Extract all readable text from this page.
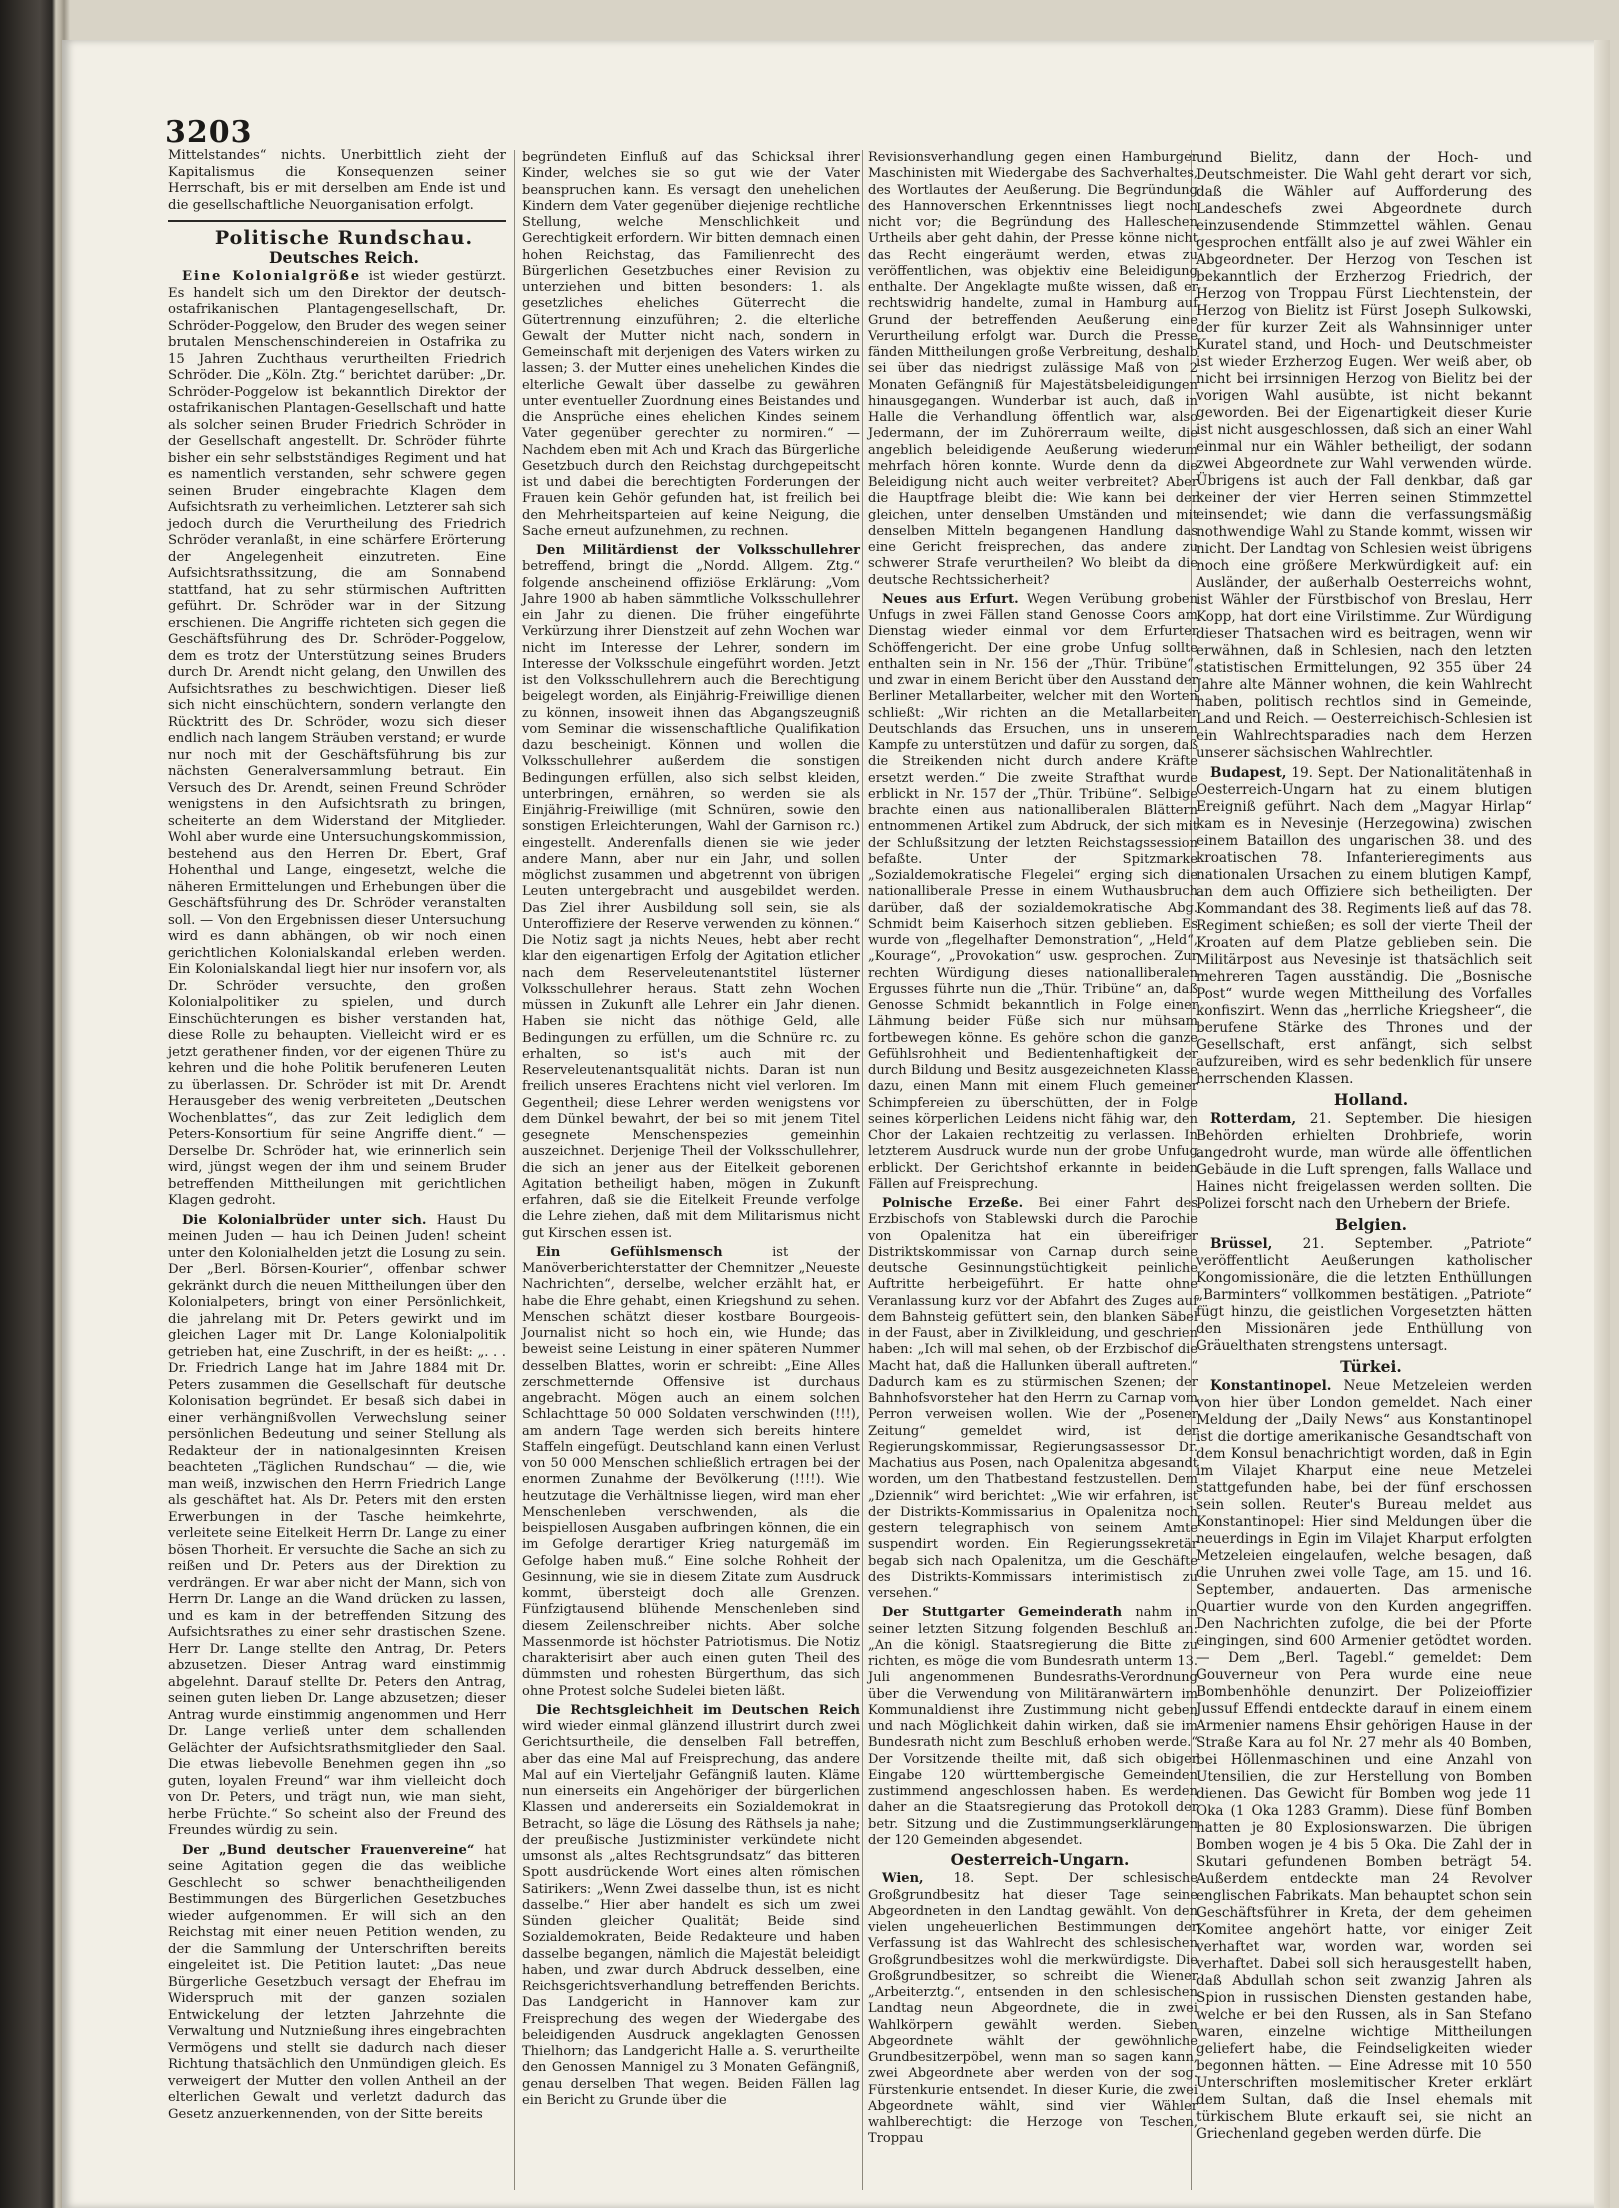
3203

Mittelstandes“ nichts. Unerbittlich zieht der Kapitalismus die Konsequenzen seiner Herrschaft, bis er mit derselben am Ende ist und die gesellschaftliche Neuorganisation erfolgt.

Politische Rundschau.

Deutsches Reich.

Eine Kolonialgröße ist wieder gestürzt. Es handelt sich um den Direktor der deutsch-ostafrikanischen Plantagengesellschaft, Dr. Schröder-Poggelow, den Bruder des wegen seiner brutalen Menschenschindereien in Ostafrika zu 15 Jahren Zuchthaus verurtheilten Friedrich Schröder. Die „Köln. Ztg.“ berichtet darüber: „Dr. Schröder-Poggelow ist bekanntlich Direktor der ostafrikanischen Plantagen-Gesellschaft und hatte als solcher seinen Bruder Friedrich Schröder in der Gesellschaft angestellt. Dr. Schröder führte bisher ein sehr selbstständiges Regiment und hat es namentlich verstanden, sehr schwere gegen seinen Bruder eingebrachte Klagen dem Aufsichtsrath zu verheimlichen. Letzterer sah sich jedoch durch die Verurtheilung des Friedrich Schröder veranlaßt, in eine schärfere Erörterung der Angelegenheit einzutreten. Eine Aufsichtsrathssitzung, die am Sonnabend stattfand, hat zu sehr stürmischen Auftritten geführt. Dr. Schröder war in der Sitzung erschienen. Die Angriffe richteten sich gegen die Geschäftsführung des Dr. Schröder-Poggelow, dem es trotz der Unterstützung seines Bruders durch Dr. Arendt nicht gelang, den Unwillen des Aufsichtsrathes zu beschwichtigen. Dieser ließ sich nicht einschüchtern, sondern verlangte den Rücktritt des Dr. Schröder, wozu sich dieser endlich nach langem Sträuben verstand; er wurde nur noch mit der Geschäftsführung bis zur nächsten Generalversammlung betraut. Ein Versuch des Dr. Arendt, seinen Freund Schröder wenigstens in den Aufsichtsrath zu bringen, scheiterte an dem Widerstand der Mitglieder. Wohl aber wurde eine Untersuchungskommission, bestehend aus den Herren Dr. Ebert, Graf Hohenthal und Lange, eingesetzt, welche die näheren Ermittelungen und Erhebungen über die Geschäftsführung des Dr. Schröder veranstalten soll. — Von den Ergebnissen dieser Untersuchung wird es dann abhängen, ob wir noch einen gerichtlichen Kolonialskandal erleben werden. Ein Kolonialskandal liegt hier nur insofern vor, als Dr. Schröder versuchte, den großen Kolonialpolitiker zu spielen, und durch Einschüchterungen es bisher verstanden hat, diese Rolle zu behaupten. Vielleicht wird er es jetzt gerathener finden, vor der eigenen Thüre zu kehren und die hohe Politik berufeneren Leuten zu überlassen. Dr. Schröder ist mit Dr. Arendt Herausgeber des wenig verbreiteten „Deutschen Wochenblattes“, das zur Zeit lediglich dem Peters-Konsortium für seine Angriffe dient.“ — Derselbe Dr. Schröder hat, wie erinnerlich sein wird, jüngst wegen der ihm und seinem Bruder betreffenden Mittheilungen mit gerichtlichen Klagen gedroht.

Die Kolonialbrüder unter sich. Haust Du meinen Juden — hau ich Deinen Juden! scheint unter den Kolonialhelden jetzt die Losung zu sein. Der „Berl. Börsen-Kourier“, offenbar schwer gekränkt durch die neuen Mittheilungen über den Kolonialpeters, bringt von einer Persönlichkeit, die jahrelang mit Dr. Peters gewirkt und im gleichen Lager mit Dr. Lange Kolonialpolitik getrieben hat, eine Zuschrift, in der es heißt: „. . . Dr. Friedrich Lange hat im Jahre 1884 mit Dr. Peters zusammen die Gesellschaft für deutsche Kolonisation begründet. Er besaß sich dabei in einer verhängnißvollen Verwechslung seiner persönlichen Bedeutung und seiner Stellung als Redakteur der in nationalgesinnten Kreisen beachteten „Täglichen Rundschau“ — die, wie man weiß, inzwischen den Herrn Friedrich Lange als geschäftet hat. Als Dr. Peters mit den ersten Erwerbungen in der Tasche heimkehrte, verleitete seine Eitelkeit Herrn Dr. Lange zu einer bösen Thorheit. Er versuchte die Sache an sich zu reißen und Dr. Peters aus der Direktion zu verdrängen. Er war aber nicht der Mann, sich von Herrn Dr. Lange an die Wand drücken zu lassen, und es kam in der betreffenden Sitzung des Aufsichtsrathes zu einer sehr drastischen Szene. Herr Dr. Lange stellte den Antrag, Dr. Peters abzusetzen. Dieser Antrag ward einstimmig abgelehnt. Darauf stellte Dr. Peters den Antrag, seinen guten lieben Dr. Lange abzusetzen; dieser Antrag wurde einstimmig angenommen und Herr Dr. Lange verließ unter dem schallenden Gelächter der Aufsichtsrathsmitglieder den Saal. Die etwas liebevolle Benehmen gegen ihn „so guten, loyalen Freund“ war ihm vielleicht doch von Dr. Peters, und trägt nun, wie man sieht, herbe Früchte.“ So scheint also der Freund des Freundes würdig zu sein.

Der „Bund deutscher Frauenvereine“ hat seine Agitation gegen die das weibliche Geschlecht so schwer benachtheiligenden Bestimmungen des Bürgerlichen Gesetzbuches wieder aufgenommen. Er will sich an den Reichstag mit einer neuen Petition wenden, zu der die Sammlung der Unterschriften bereits eingeleitet ist. Die Petition lautet: „Das neue Bürgerliche Gesetzbuch versagt der Ehefrau im Widerspruch mit der ganzen sozialen Entwickelung der letzten Jahrzehnte die Verwaltung und Nutznießung ihres eingebrachten Vermögens und stellt sie dadurch nach dieser Richtung thatsächlich den Unmündigen gleich. Es verweigert der Mutter den vollen Antheil an der elterlichen Gewalt und verletzt dadurch das Gesetz anzuerkennenden, von der Sitte bereits

begründeten Einfluß auf das Schicksal ihrer Kinder, welches sie so gut wie der Vater beanspruchen kann. Es versagt den unehelichen Kindern dem Vater gegenüber diejenige rechtliche Stellung, welche Menschlichkeit und Gerechtigkeit erfordern. Wir bitten demnach einen hohen Reichstag, das Familienrecht des Bürgerlichen Gesetzbuches einer Revision zu unterziehen und bitten besonders: 1. als gesetzliches eheliches Güterrecht die Gütertrennung einzuführen; 2. die elterliche Gewalt der Mutter nicht nach, sondern in Gemeinschaft mit derjenigen des Vaters wirken zu lassen; 3. der Mutter eines unehelichen Kindes die elterliche Gewalt über dasselbe zu gewähren unter eventueller Zuordnung eines Beistandes und die Ansprüche eines ehelichen Kindes seinem Vater gegenüber gerechter zu normiren.“ — Nachdem eben mit Ach und Krach das Bürgerliche Gesetzbuch durch den Reichstag durchgepeitscht ist und dabei die berechtigten Forderungen der Frauen kein Gehör gefunden hat, ist freilich bei den Mehrheitsparteien auf keine Neigung, die Sache erneut aufzunehmen, zu rechnen.

Den Militärdienst der Volksschullehrer betreffend, bringt die „Nordd. Allgem. Ztg.“ folgende anscheinend offiziöse Erklärung: „Vom Jahre 1900 ab haben sämmtliche Volksschullehrer ein Jahr zu dienen. Die früher eingeführte Verkürzung ihrer Dienstzeit auf zehn Wochen war nicht im Interesse der Lehrer, sondern im Interesse der Volksschule eingeführt worden. Jetzt ist den Volksschullehrern auch die Berechtigung beigelegt worden, als Einjährig-Freiwillige dienen zu können, insoweit ihnen das Abgangszeugniß vom Seminar die wissenschaftliche Qualifikation dazu bescheinigt. Können und wollen die Volksschullehrer außerdem die sonstigen Bedingungen erfüllen, also sich selbst kleiden, unterbringen, ernähren, so werden sie als Einjährig-Freiwillige (mit Schnüren, sowie den sonstigen Erleichterungen, Wahl der Garnison rc.) eingestellt. Anderenfalls dienen sie wie jeder andere Mann, aber nur ein Jahr, und sollen möglichst zusammen und abgetrennt von übrigen Leuten untergebracht und ausgebildet werden. Das Ziel ihrer Ausbildung soll sein, sie als Unteroffiziere der Reserve verwenden zu können.“ Die Notiz sagt ja nichts Neues, hebt aber recht klar den eigenartigen Erfolg der Agitation etlicher nach dem Reserveleutenantstitel lüsterner Volksschullehrer heraus. Statt zehn Wochen müssen in Zukunft alle Lehrer ein Jahr dienen. Haben sie nicht das nöthige Geld, alle Bedingungen zu erfüllen, um die Schnüre rc. zu erhalten, so ist's auch mit der Reserveleutenantsqualität nichts. Daran ist nun freilich unseres Erachtens nicht viel verloren. Im Gegentheil; diese Lehrer werden wenigstens vor dem Dünkel bewahrt, der bei so mit jenem Titel gesegnete Menschenspezies gemeinhin auszeichnet. Derjenige Theil der Volksschullehrer, die sich an jener aus der Eitelkeit geborenen Agitation betheiligt haben, mögen in Zukunft erfahren, daß sie die Eitelkeit Freunde verfolge die Lehre ziehen, daß mit dem Militarismus nicht gut Kirschen essen ist.

Ein Gefühlsmensch ist der Manöverberichterstatter der Chemnitzer „Neueste Nachrichten“, derselbe, welcher erzählt hat, er habe die Ehre gehabt, einen Kriegshund zu sehen. Menschen schätzt dieser kostbare Bourgeois-Journalist nicht so hoch ein, wie Hunde; das beweist seine Leistung in einer späteren Nummer desselben Blattes, worin er schreibt: „Eine Alles zerschmetternde Offensive ist durchaus angebracht. Mögen auch an einem solchen Schlachttage 50 000 Soldaten verschwinden (!!!), am andern Tage werden sich bereits hintere Staffeln eingefügt. Deutschland kann einen Verlust von 50 000 Menschen schließlich ertragen bei der enormen Zunahme der Bevölkerung (!!!!). Wie heutzutage die Verhältnisse liegen, wird man eher Menschenleben verschwenden, als die beispiellosen Ausgaben aufbringen können, die ein im Gefolge derartiger Krieg naturgemäß im Gefolge haben muß.“ Eine solche Rohheit der Gesinnung, wie sie in diesem Zitate zum Ausdruck kommt, übersteigt doch alle Grenzen. Fünfzigtausend blühende Menschenleben sind diesem Zeilenschreiber nichts. Aber solche Massenmorde ist höchster Patriotismus. Die Notiz charakterisirt aber auch einen guten Theil des dümmsten und rohesten Bürgerthum, das sich ohne Protest solche Sudelei bieten läßt.

Die Rechtsgleichheit im Deutschen Reich wird wieder einmal glänzend illustrirt durch zwei Gerichtsurtheile, die denselben Fall betreffen, aber das eine Mal auf Freisprechung, das andere Mal auf ein Vierteljahr Gefängniß lauten. Kläme nun einerseits ein Angehöriger der bürgerlichen Klassen und andererseits ein Sozialdemokrat in Betracht, so läge die Lösung des Räthsels ja nahe; der preußische Justizminister verkündete nicht umsonst als „altes Rechtsgrundsatz“ das bitteren Spott ausdrückende Wort eines alten römischen Satirikers: „Wenn Zwei dasselbe thun, ist es nicht dasselbe.“ Hier aber handelt es sich um zwei Sünden gleicher Qualität; Beide sind Sozialdemokraten, Beide Redakteure und haben dasselbe begangen, nämlich die Majestät beleidigt haben, und zwar durch Abdruck desselben, eine Reichsgerichtsverhandlung betreffenden Berichts. Das Landgericht in Hannover kam zur Freisprechung des wegen der Wiedergabe des beleidigenden Ausdruck angeklagten Genossen Thielhorn; das Landgericht Halle a. S. verurtheilte den Genossen Mannigel zu 3 Monaten Gefängniß, genau derselben That wegen. Beiden Fällen lag ein Bericht zu Grunde über die

Revisionsverhandlung gegen einen Hamburger Maschinisten mit Wiedergabe des Sachverhaltes, des Wortlautes der Aeußerung. Die Begründung des Hannoverschen Erkenntnisses liegt noch nicht vor; die Begründung des Halleschen Urtheils aber geht dahin, der Presse könne nicht das Recht eingeräumt werden, etwas zu veröffentlichen, was objektiv eine Beleidigung enthalte. Der Angeklagte mußte wissen, daß er rechtswidrig handelte, zumal in Hamburg auf Grund der betreffenden Aeußerung eine Verurtheilung erfolgt war. Durch die Presse fänden Mittheilungen große Verbreitung, deshalb sei über das niedrigst zulässige Maß von 2 Monaten Gefängniß für Majestätsbeleidigungen hinausgegangen. Wunderbar ist auch, daß in Halle die Verhandlung öffentlich war, also Jedermann, der im Zuhörerraum weilte, die angeblich beleidigende Aeußerung wiederum mehrfach hören konnte. Wurde denn da die Beleidigung nicht auch weiter verbreitet? Aber die Hauptfrage bleibt die: Wie kann bei der gleichen, unter denselben Umständen und mit denselben Mitteln begangenen Handlung das eine Gericht freisprechen, das andere zu schwerer Strafe verurtheilen? Wo bleibt da die deutsche Rechtssicherheit?

Neues aus Erfurt. Wegen Verübung groben Unfugs in zwei Fällen stand Genosse Coors am Dienstag wieder einmal vor dem Erfurter Schöffengericht. Der eine grobe Unfug sollte enthalten sein in Nr. 156 der „Thür. Tribüne“, und zwar in einem Bericht über den Ausstand der Berliner Metallarbeiter, welcher mit den Worten schließt: „Wir richten an die Metallarbeiter Deutschlands das Ersuchen, uns in unserem Kampfe zu unterstützen und dafür zu sorgen, daß die Streikenden nicht durch andere Kräfte ersetzt werden.“ Die zweite Strafthat wurde erblickt in Nr. 157 der „Thür. Tribüne“. Selbige brachte einen aus nationalliberalen Blättern entnommenen Artikel zum Abdruck, der sich mit der Schlußsitzung der letzten Reichstagssession befaßte. Unter der Spitzmarke „Sozialdemokratische Flegelei“ erging sich die nationalliberale Presse in einem Wuthausbruch darüber, daß der sozialdemokratische Abg. Schmidt beim Kaiserhoch sitzen geblieben. Es wurde von „flegelhafter Demonstration“, „Held“, „Kourage“, „Provokation“ usw. gesprochen. Zur rechten Würdigung dieses nationalliberalen Ergusses führte nun die „Thür. Tribüne“ an, daß Genosse Schmidt bekanntlich in Folge einer Lähmung beider Füße sich nur mühsam fortbewegen könne. Es gehöre schon die ganze Gefühlsrohheit und Bedientenhaftigkeit der durch Bildung und Besitz ausgezeichneten Klasse dazu, einen Mann mit einem Fluch gemeiner Schimpfereien zu überschütten, der in Folge seines körperlichen Leidens nicht fähig war, den Chor der Lakaien rechtzeitig zu verlassen. In letzterem Ausdruck wurde nun der grobe Unfug erblickt. Der Gerichtshof erkannte in beiden Fällen auf Freisprechung.

Polnische Erzeße. Bei einer Fahrt des Erzbischofs von Stablewski durch die Parochie von Opalenitza hat ein übereifriger Distriktskommissar von Carnap durch seine deutsche Gesinnungstüchtigkeit peinliche Auftritte herbeigeführt. Er hatte ohne Veranlassung kurz vor der Abfahrt des Zuges auf dem Bahnsteig gefüttert sein, den blanken Säbel in der Faust, aber in Zivilkleidung, und geschrien haben: „Ich will mal sehen, ob der Erzbischof die Macht hat, daß die Hallunken überall auftreten.“ Dadurch kam es zu stürmischen Szenen; der Bahnhofsvorsteher hat den Herrn zu Carnap vom Perron verweisen wollen. Wie der „Posener Zeitung“ gemeldet wird, ist der Regierungskommissar, Regierungsassessor Dr. Machatius aus Posen, nach Opalenitza abgesandt worden, um den Thatbestand festzustellen. Dem „Dziennik“ wird berichtet: „Wie wir erfahren, ist der Distrikts-Kommissarius in Opalenitza noch gestern telegraphisch von seinem Amte suspendirt worden. Ein Regierungssekretär begab sich nach Opalenitza, um die Geschäfte des Distrikts-Kommissars interimistisch zu versehen.“

Der Stuttgarter Gemeinderath nahm in seiner letzten Sitzung folgenden Beschluß an: „An die königl. Staatsregierung die Bitte zu richten, es möge die vom Bundesrath unterm 13. Juli angenommenen Bundesraths-Verordnung über die Verwendung von Militäranwärtern im Kommunaldienst ihre Zustimmung nicht geben und nach Möglichkeit dahin wirken, daß sie im Bundesrath nicht zum Beschluß erhoben werde.“ Der Vorsitzende theilte mit, daß sich obiger Eingabe 120 württembergische Gemeinden zustimmend angeschlossen haben. Es werden daher an die Staatsregierung das Protokoll der betr. Sitzung und die Zustimmungserklärungen der 120 Gemeinden abgesendet.

Oesterreich-Ungarn.

Wien, 18. Sept. Der schlesische Großgrundbesitz hat dieser Tage seine Abgeordneten in den Landtag gewählt. Von den vielen ungeheuerlichen Bestimmungen der Verfassung ist das Wahlrecht des schlesischen Großgrundbesitzes wohl die merkwürdigste. Die Großgrundbesitzer, so schreibt die Wiener „Arbeiterztg.“, entsenden in den schlesischen Landtag neun Abgeordnete, die in zwei Wahlkörpern gewählt werden. Sieben Abgeordnete wählt der gewöhnliche Grundbesitzerpöbel, wenn man so sagen kann, zwei Abgeordnete aber werden von der sog. Fürstenkurie entsendet. In dieser Kurie, die zwei Abgeordnete wählt, sind vier Wähler wahlberechtigt: die Herzoge von Teschen, Troppau

und Bielitz, dann der Hoch- und Deutschmeister. Die Wahl geht derart vor sich, daß die Wähler auf Aufforderung des Landeschefs zwei Abgeordnete durch einzusendende Stimmzettel wählen. Genau gesprochen entfällt also je auf zwei Wähler ein Abgeordneter. Der Herzog von Teschen ist bekanntlich der Erzherzog Friedrich, der Herzog von Troppau Fürst Liechtenstein, der Herzog von Bielitz ist Fürst Joseph Sulkowski, der für kurzer Zeit als Wahnsinniger unter Kuratel stand, und Hoch- und Deutschmeister ist wieder Erzherzog Eugen. Wer weiß aber, ob nicht bei irrsinnigen Herzog von Bielitz bei der vorigen Wahl ausübte, ist nicht bekannt geworden. Bei der Eigenartigkeit dieser Kurie ist nicht ausgeschlossen, daß sich an einer Wahl einmal nur ein Wähler betheiligt, der sodann zwei Abgeordnete zur Wahl verwenden würde. Übrigens ist auch der Fall denkbar, daß gar keiner der vier Herren seinen Stimmzettel einsendet; wie dann die verfassungsmäßig nothwendige Wahl zu Stande kommt, wissen wir nicht. Der Landtag von Schlesien weist übrigens noch eine größere Merkwürdigkeit auf: ein Ausländer, der außerhalb Oesterreichs wohnt, ist Wähler der Fürstbischof von Breslau, Herr Kopp, hat dort eine Virilstimme. Zur Würdigung dieser Thatsachen wird es beitragen, wenn wir erwähnen, daß in Schlesien, nach den letzten statistischen Ermittelungen, 92 355 über 24 Jahre alte Männer wohnen, die kein Wahlrecht haben, politisch rechtlos sind in Gemeinde, Land und Reich. — Oesterreichisch-Schlesien ist ein Wahlrechtsparadies nach dem Herzen unserer sächsischen Wahlrechtler.

Budapest, 19. Sept. Der Nationalitätenhaß in Oesterreich-Ungarn hat zu einem blutigen Ereigniß geführt. Nach dem „Magyar Hirlap“ kam es in Nevesinje (Herzegowina) zwischen einem Bataillon des ungarischen 38. und des kroatischen 78. Infanterieregiments aus nationalen Ursachen zu einem blutigen Kampf, an dem auch Offiziere sich betheiligten. Der Kommandant des 38. Regiments ließ auf das 78. Regiment schießen; es soll der vierte Theil der Kroaten auf dem Platze geblieben sein. Die Militärpost aus Nevesinje ist thatsächlich seit mehreren Tagen ausständig. Die „Bosnische Post“ wurde wegen Mittheilung des Vorfalles konfiszirt. Wenn das „herrliche Kriegsheer“, die berufene Stärke des Thrones und der Gesellschaft, erst anfängt, sich selbst aufzureiben, wird es sehr bedenklich für unsere herrschenden Klassen.

Holland.

Rotterdam, 21. September. Die hiesigen Behörden erhielten Drohbriefe, worin angedroht wurde, man würde alle öffentlichen Gebäude in die Luft sprengen, falls Wallace und Haines nicht freigelassen werden sollten. Die Polizei forscht nach den Urhebern der Briefe.

Belgien.

Brüssel, 21. September. „Patriote“ veröffentlicht Aeußerungen katholischer Kongomissionäre, die die letzten Enthüllungen „Barminters“ vollkommen bestätigen. „Patriote“ fügt hinzu, die geistlichen Vorgesetzten hätten den Missionären jede Enthüllung von Gräuelthaten strengstens untersagt.

Türkei.

Konstantinopel. Neue Metzeleien werden von hier über London gemeldet. Nach einer Meldung der „Daily News“ aus Konstantinopel ist die dortige amerikanische Gesandtschaft von dem Konsul benachrichtigt worden, daß in Egin im Vilajet Kharput eine neue Metzelei stattgefunden habe, bei der fünf erschossen sein sollen. Reuter's Bureau meldet aus Konstantinopel: Hier sind Meldungen über die neuerdings in Egin im Vilajet Kharput erfolgten Metzeleien eingelaufen, welche besagen, daß die Unruhen zwei volle Tage, am 15. und 16. September, andauerten. Das armenische Quartier wurde von den Kurden angegriffen. Den Nachrichten zufolge, die bei der Pforte eingingen, sind 600 Armenier getödtet worden. — Dem „Berl. Tagebl.“ gemeldet: Dem Gouverneur von Pera wurde eine neue Bombenhöhle denunzirt. Der Polizeioffizier Jussuf Effendi entdeckte darauf in einem einem Armenier namens Ehsir gehörigen Hause in der Straße Kara au fol Nr. 27 mehr als 40 Bomben, bei Höllenmaschinen und eine Anzahl von Utensilien, die zur Herstellung von Bomben dienen. Das Gewicht für Bomben wog jede 11 Oka (1 Oka 1283 Gramm). Diese fünf Bomben hatten je 80 Explosionswarzen. Die übrigen Bomben wogen je 4 bis 5 Oka. Die Zahl der in Skutari gefundenen Bomben beträgt 54. Außerdem entdeckte man 24 Revolver englischen Fabrikats. Man behauptet schon sein Geschäftsführer in Kreta, der dem geheimen Komitee angehört hatte, vor einiger Zeit verhaftet war, worden war, worden sei verhaftet. Dabei soll sich herausgestellt haben, daß Abdullah schon seit zwanzig Jahren als Spion in russischen Diensten gestanden habe, welche er bei den Russen, als in San Stefano waren, einzelne wichtige Mittheilungen geliefert habe, die Feindseligkeiten wieder begonnen hätten. — Eine Adresse mit 10 550 Unterschriften moslemitischer Kreter erklärt dem Sultan, daß die Insel ehemals mit türkischem Blute erkauft sei, sie nicht an Griechenland gegeben werden dürfe. Die
